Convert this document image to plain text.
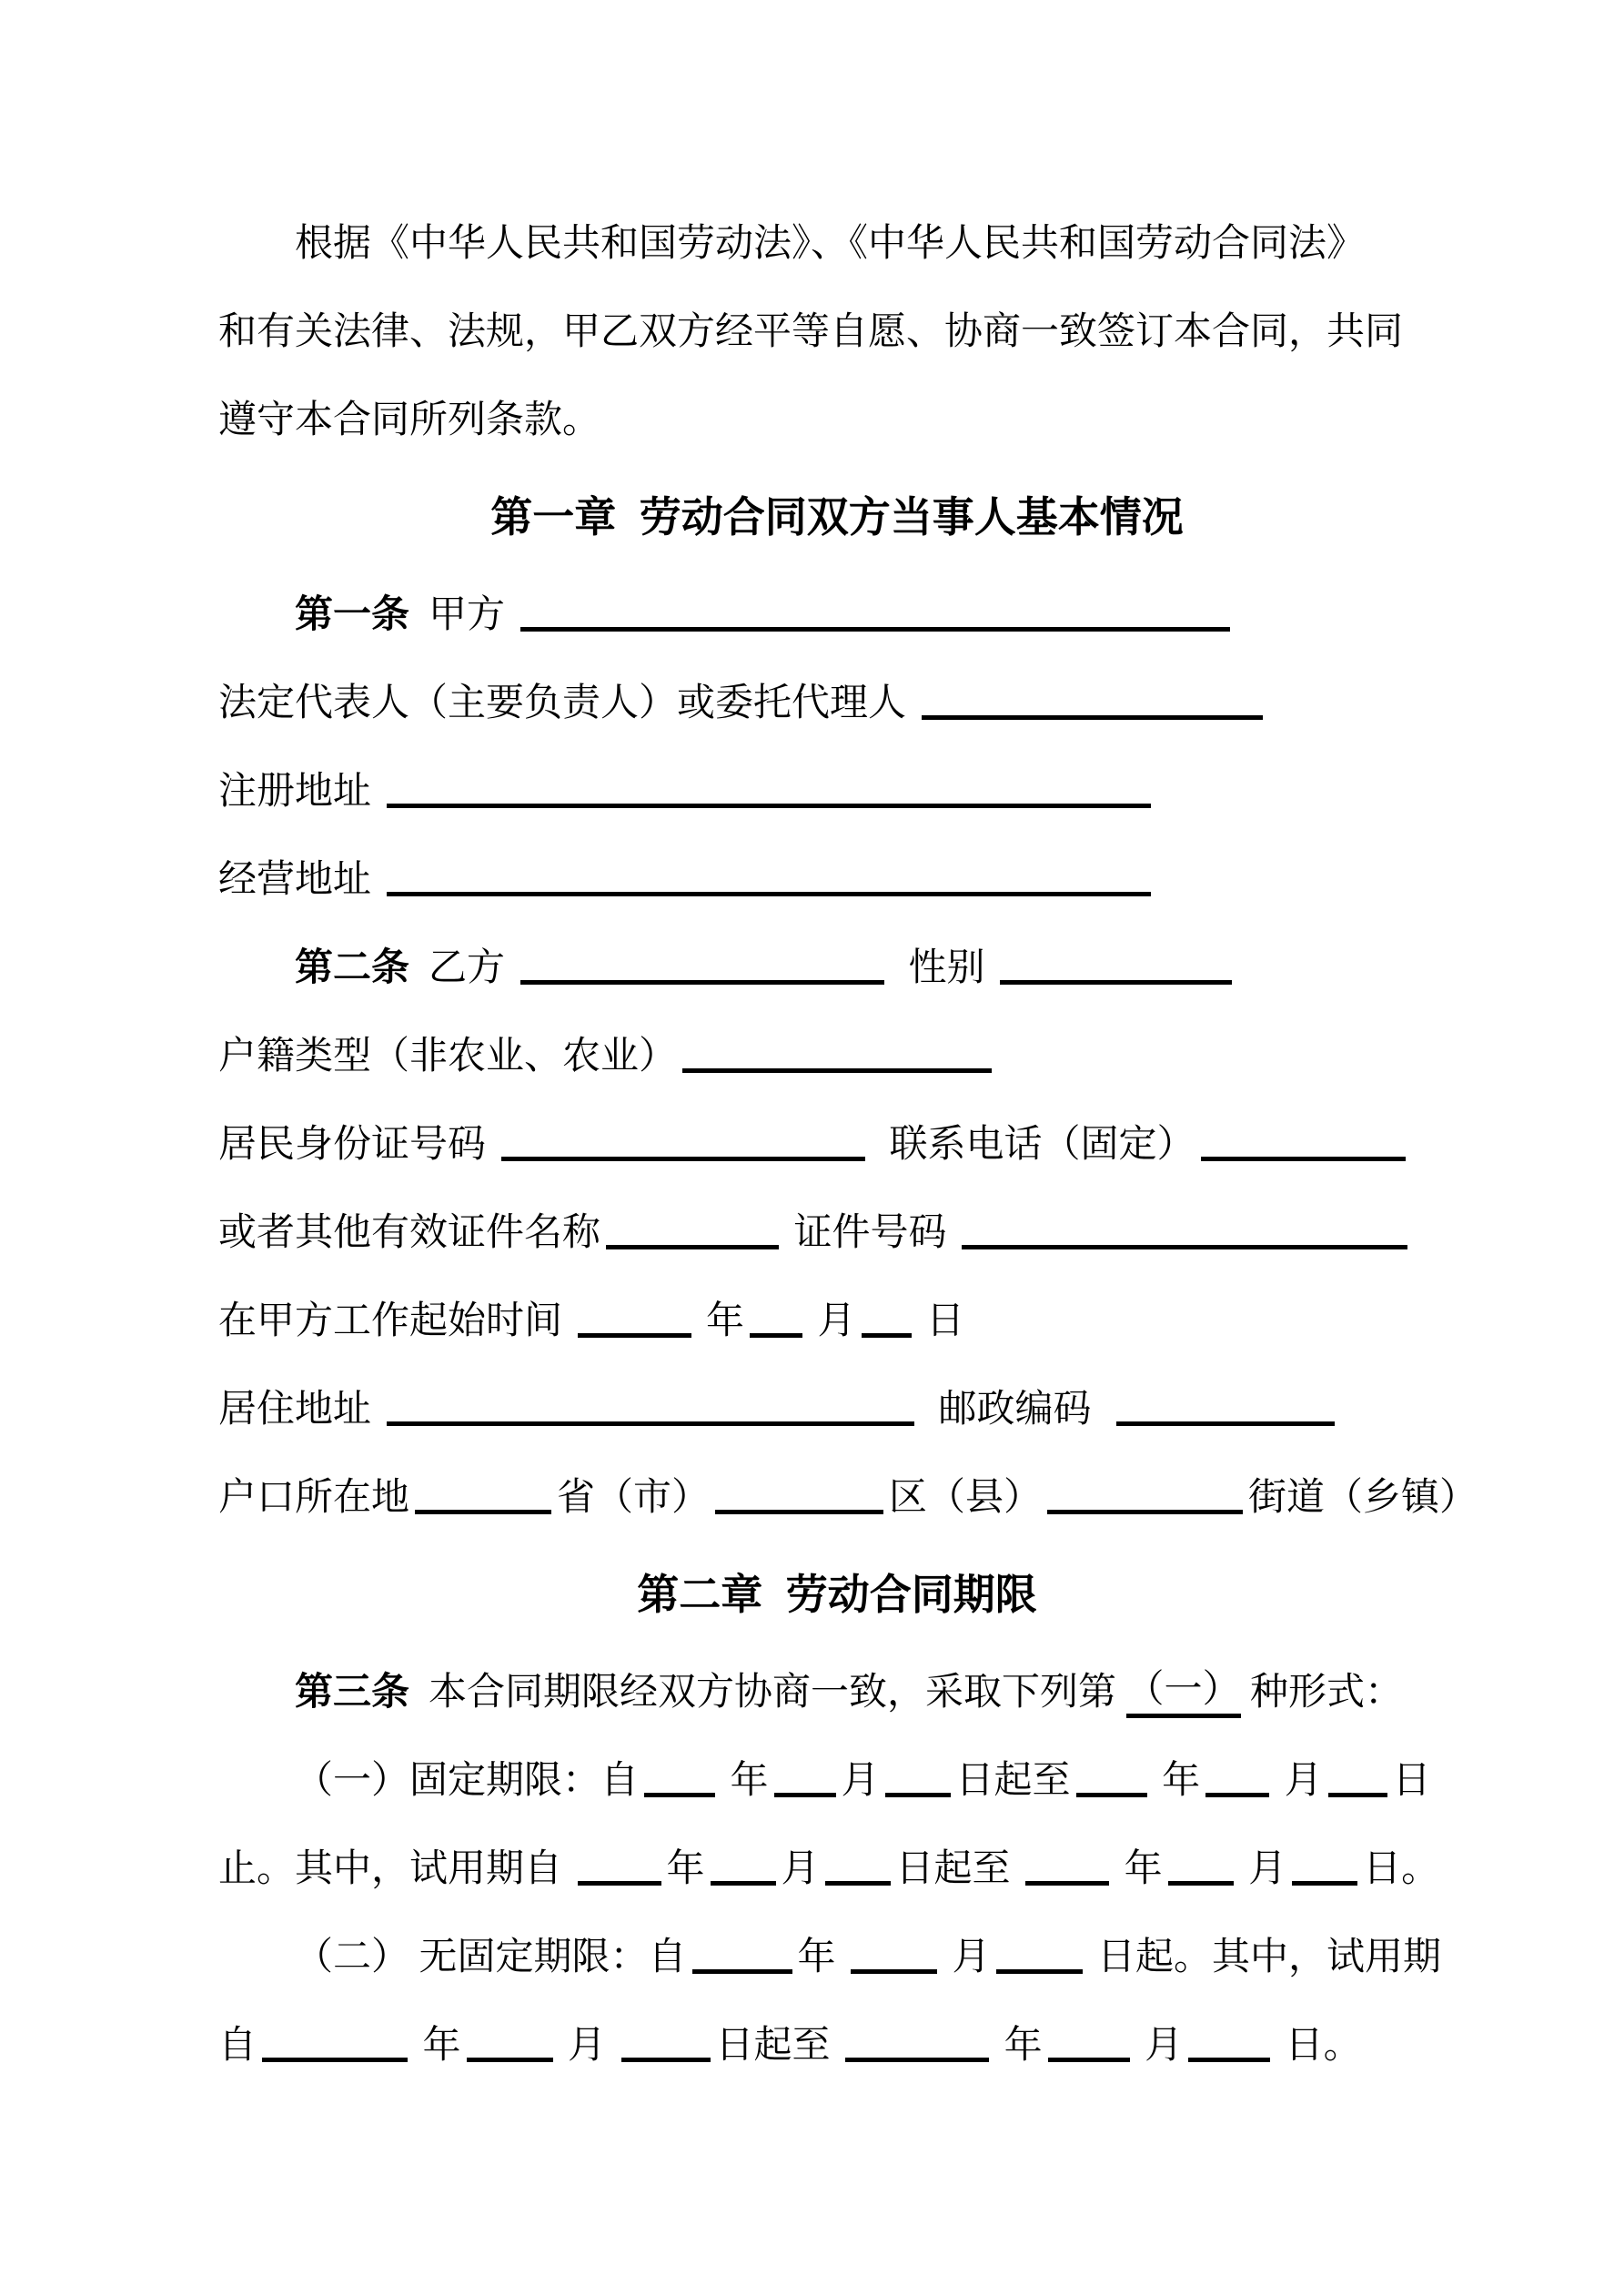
根据《中华人民共和国劳动法》、《中华人民共和国劳动合同法》
和有关法律、法规，甲乙双方经平等自愿、协商一致签订本合同，共同
遵守本合同所列条款。
第一章  劳动合同双方当事人基本情况
第一条 甲方
法定代表人（主要负责人）或委托代理人
注册地址
经营地址
第二条 乙方	性别
户籍类型（非农业、农业）
居民身份证号码	联系电话（固定）
或者其他有效证件名称	证件号码
在甲方工作起始时间	年 月 日
居住地址	邮政编码
户口所在地	省（市）	区（县）	街道（乡镇）
第二章  劳动合同期限
第三条 本合同期限经双方协商一致，采取下列第 （一） 种形式：
（一）固定期限：自 年 月 日起至 年 月 日
止。其中，试用期自 年 月 日起至 年 月 日。
（二） 无固定期限：自	年	月	日起。其中，试用期
自	年	月	日起至	年 月 日。
